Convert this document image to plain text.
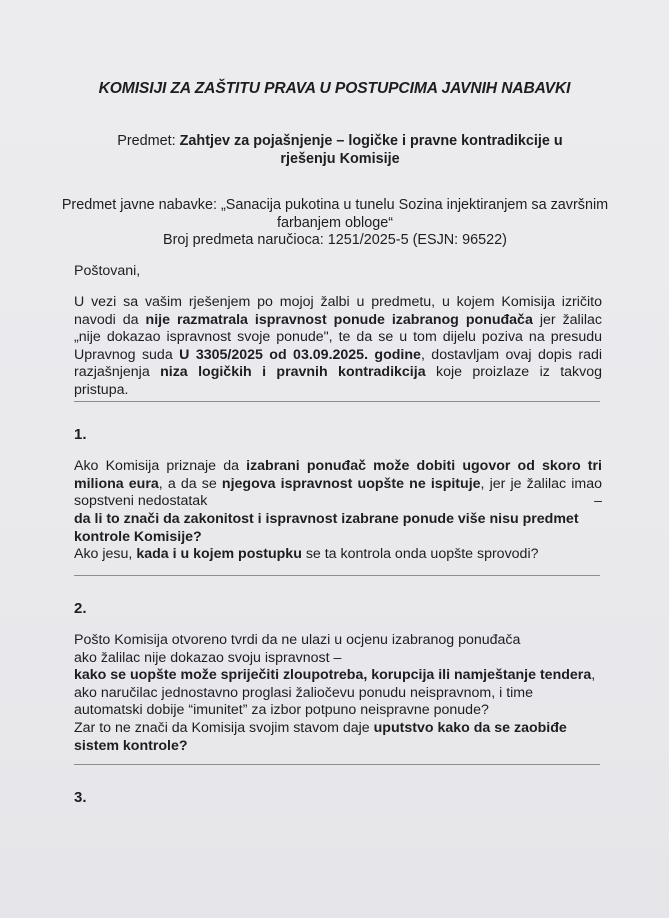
KOMISIJI ZA ZAŠTITU PRAVA U POSTUPCIMA JAVNIH NABAVKI
Predmet: Zahtjev za pojašnjenje – logičke i pravne kontradikcije u rješenju Komisije
Predmet javne nabavke: „Sanacija pukotina u tunelu Sozina injektiranjem sa završnim farbanjem obloge“
Broj predmeta naručioca: 1251/2025-5 (ESJN: 96522)
Poštovani,
U vezi sa vašim rješenjem po mojoj žalbi u predmetu, u kojem Komisija izričito navodi da nije razmatrala ispravnost ponude izabranog ponuđača jer žalilac „nije dokazao ispravnost svoje ponude", te da se u tom dijelu poziva na presudu Upravnog suda U 3305/2025 od 03.09.2025. godine, dostavljam ovaj dopis radi razjašnjenja niza logičkih i pravnih kontradikcija koje proizlaze iz takvog pristupa.
1.
Ako Komisija priznaje da izabrani ponuđač može dobiti ugovor od skoro tri miliona eura, a da se njegova ispravnost uopšte ne ispituje, jer je žalilac imao sopstveni nedostatak	–
da li to znači da zakonitost i ispravnost izabrane ponude više nisu predmet kontrole Komisije?
Ako jesu, kada i u kojem postupku se ta kontrola onda uopšte sprovodi?
2.
Pošto Komisija otvoreno tvrdi da ne ulazi u ocjenu izabranog ponuđača ako žalilac nije dokazao svoju ispravnost –
kako se uopšte može spriječiti zloupotreba, korupcija ili namještanje tendera, ako naručilac jednostavno proglasi žaliočevu ponudu neispravnom, i time automatski dobije “imunitet” za izbor potpuno neispravne ponude?
Zar to ne znači da Komisija svojim stavom daje uputstvo kako da se zaobiđe sistem kontrole?
3.
